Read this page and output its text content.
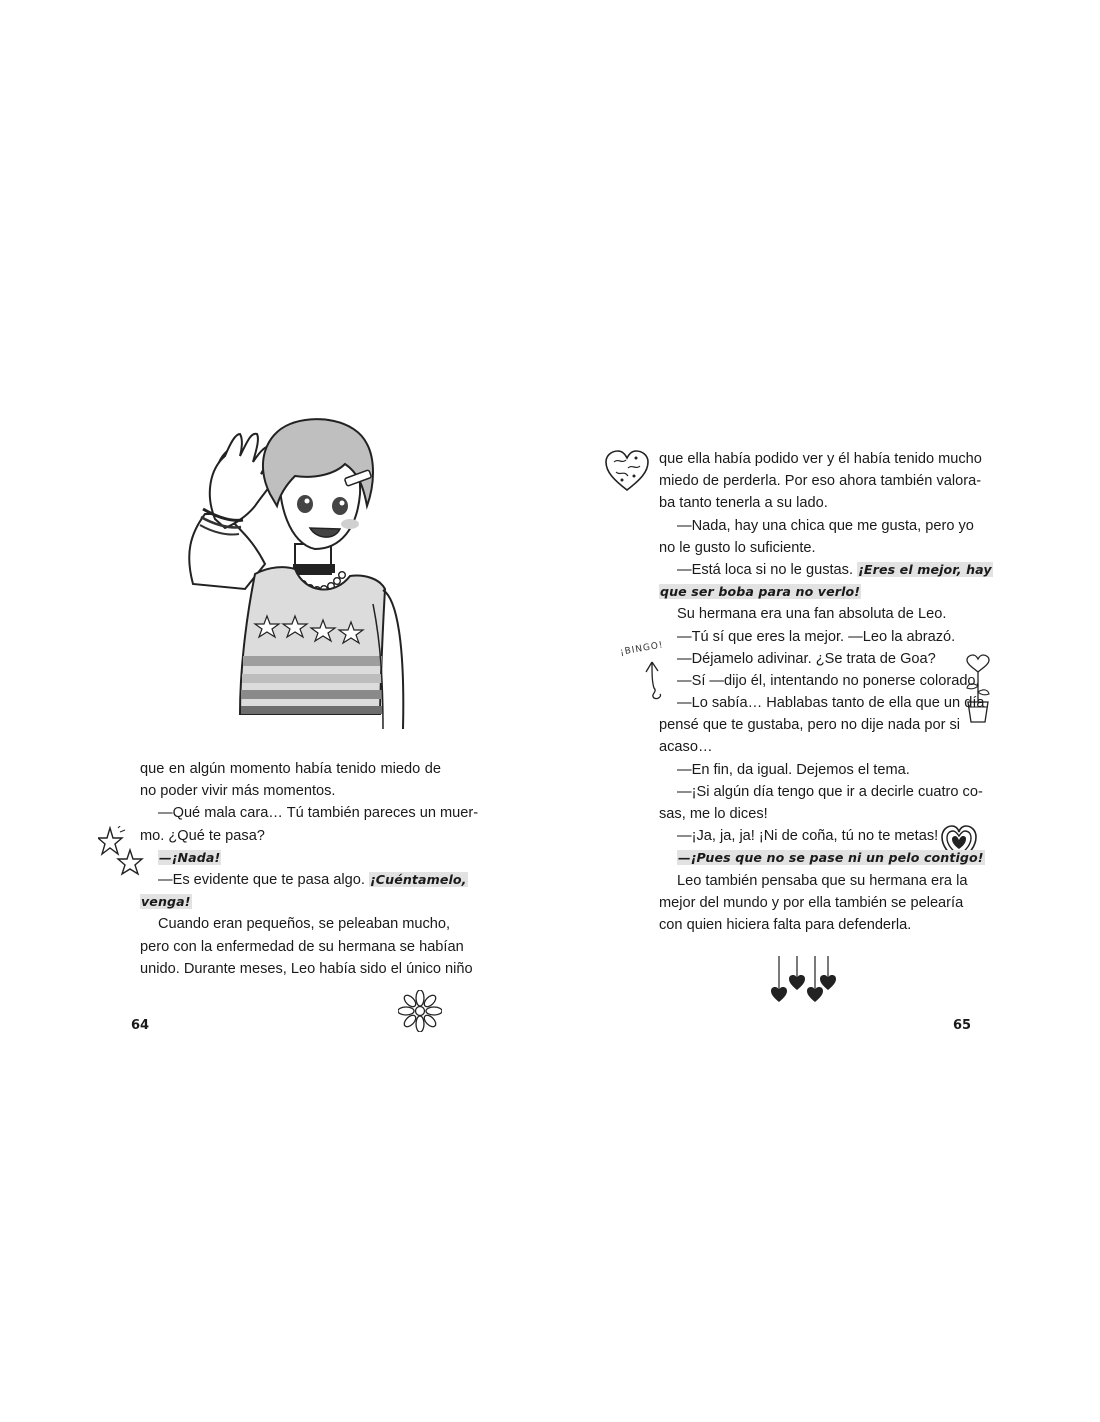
que en algún momento había tenido miedo de
no poder vivir más momentos.
—Qué mala cara… Tú también pareces un muer-
mo. ¿Qué te pasa?
—¡Nada!
—Es evidente que te pasa algo. ¡Cuéntamelo,
venga!
Cuando eran pequeños, se peleaban mucho,
pero con la enfermedad de su hermana se habían
unido. Durante meses, Leo había sido el único niño
64
¡BINGO!
que ella había podido ver y él había tenido mucho
miedo de perderla. Por eso ahora también valora-
ba tanto tenerla a su lado.
—Nada, hay una chica que me gusta, pero yo
no le gusto lo suficiente.
—Está loca si no le gustas. ¡Eres el mejor, hay
que ser boba para no verlo!
Su hermana era una fan absoluta de Leo.
—Tú sí que eres la mejor. —Leo la abrazó.
—Déjamelo adivinar. ¿Se trata de Goa?
—Sí —dijo él, intentando no ponerse colorado.
—Lo sabía… Hablabas tanto de ella que un día
pensé que te gustaba, pero no dije nada por si
acaso…
—En fin, da igual. Dejemos el tema.
—¡Si algún día tengo que ir a decirle cuatro co-
sas, me lo dices!
—¡Ja, ja, ja! ¡Ni de coña, tú no te metas!
—¡Pues que no se pase ni un pelo contigo!
Leo también pensaba que su hermana era la
mejor del mundo y por ella también se pelearía
con quien hiciera falta para defenderla.
65
